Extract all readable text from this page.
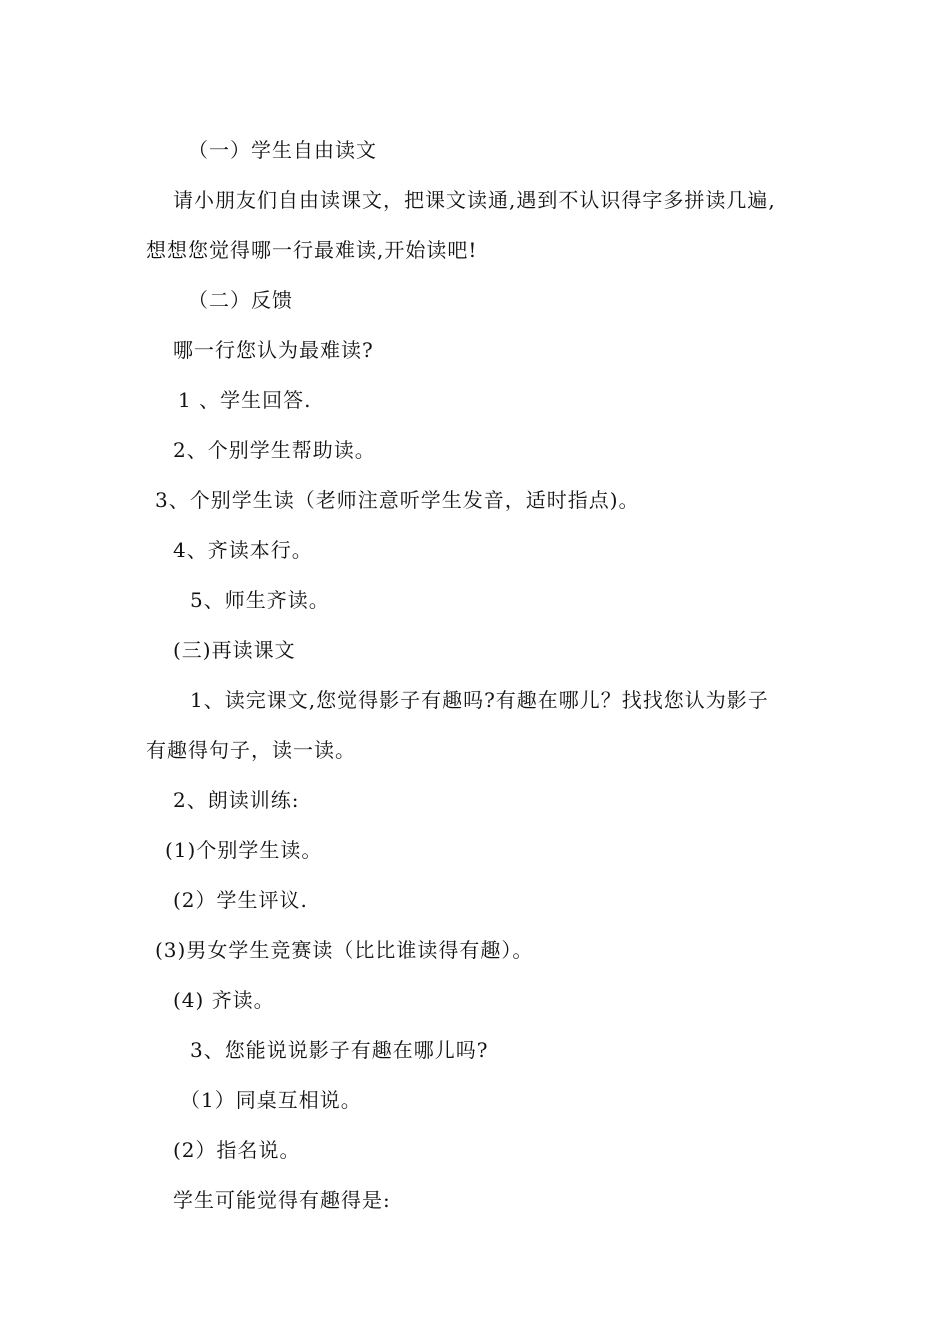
（一）学生自由读文
请小朋友们自由读课文，把课文读通,遇到不认识得字多拼读几遍,
想想您觉得哪一行最难读,开始读吧!
（二）反馈
哪一行您认为最难读?
1 、学生回答.
2、个别学生帮助读。
3、个别学生读（老师注意听学生发音，适时指点)。
4、齐读本行。
5、师生齐读。
(三)再读课文
1、读完课文,您觉得影子有趣吗?有趣在哪儿？找找您认为影子
有趣得句子，读一读。
2、朗读训练:
(1)个别学生读。
(2）学生评议.
(3)男女学生竞赛读（比比谁读得有趣）。
(4) 齐读。
3、您能说说影子有趣在哪儿吗?
（1）同桌互相说。
(2）指名说。
学生可能觉得有趣得是:
